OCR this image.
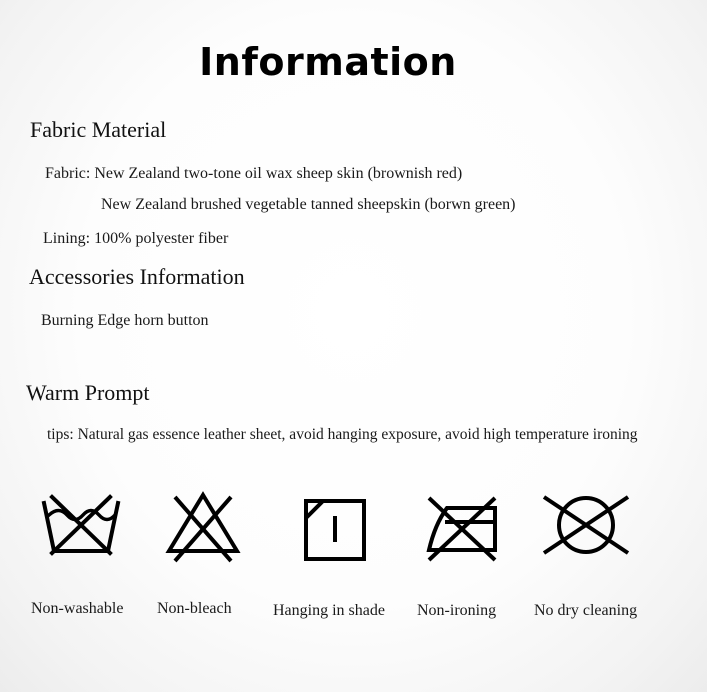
Information
Fabric Material
Fabric: New Zealand two-tone oil wax sheep skin (brownish red)
New Zealand brushed vegetable tanned sheepskin (borwn green)
Lining: 100% polyester fiber
Accessories Information
Burning Edge horn button
Warm Prompt
tips: Natural gas essence leather sheet, avoid hanging exposure, avoid high temperature ironing
Non-washable Non-bleach	Hanging in shade Non-ironing No dry cleaning
